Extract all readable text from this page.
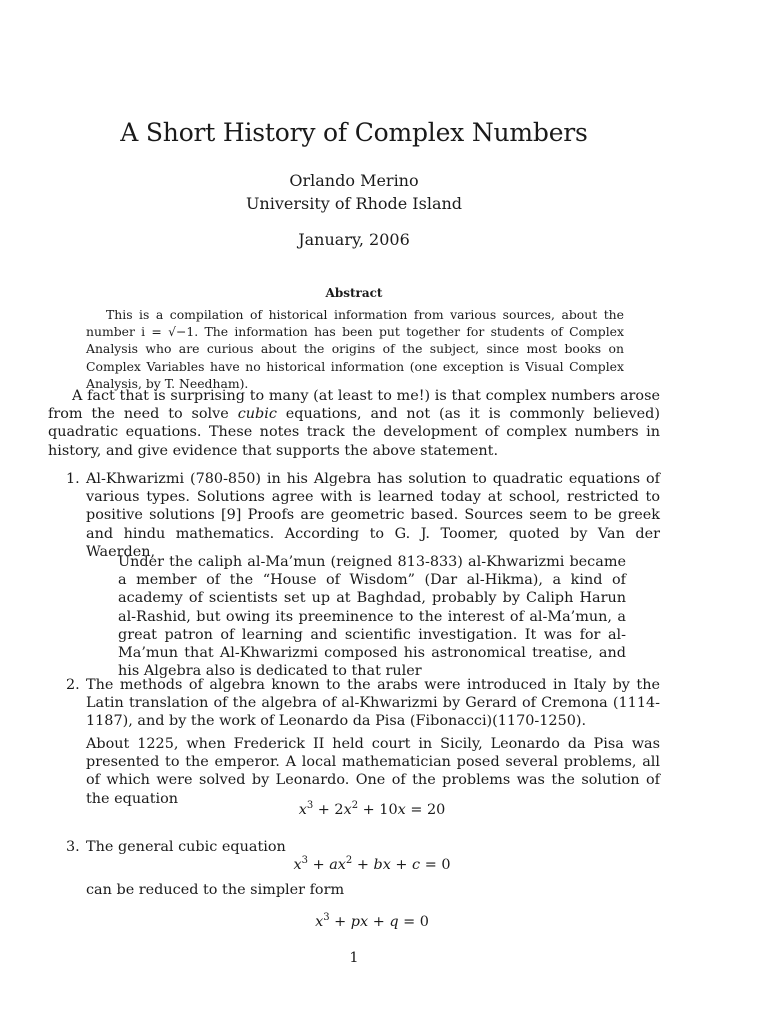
A Short History of Complex Numbers
Orlando Merino
University of Rhode Island
January, 2006
Abstract
This is a compilation of historical information from various sources, about the number i = √−1. The information has been put together for students of Complex Analysis who are curious about the origins of the subject, since most books on Complex Variables have no historical information (one exception is Visual Complex Analysis, by T. Needham).
A fact that is surprising to many (at least to me!) is that complex numbers arose from the need to solve cubic equations, and not (as it is commonly believed) quadratic equations. These notes track the development of complex numbers in history, and give evidence that supports the above statement.
1. Al-Khwarizmi (780-850) in his Algebra has solution to quadratic equations of various types. Solutions agree with is learned today at school, restricted to positive solutions [9] Proofs are geometric based. Sources seem to be greek and hindu mathematics. According to G. J. Toomer, quoted by Van der Waerden,
Under the caliph al-Ma’mun (reigned 813-833) al-Khwarizmi became a member of the “House of Wisdom” (Dar al-Hikma), a kind of academy of scientists set up at Baghdad, probably by Caliph Harun al-Rashid, but owing its preeminence to the interest of al-Ma’mun, a great patron of learning and scientific investigation. It was for al-Ma’mun that Al-Khwarizmi composed his astronomical treatise, and his Algebra also is dedicated to that ruler
2. The methods of algebra known to the arabs were introduced in Italy by the Latin translation of the algebra of al-Khwarizmi by Gerard of Cremona (1114-1187), and by the work of Leonardo da Pisa (Fibonacci)(1170-1250).
About 1225, when Frederick II held court in Sicily, Leonardo da Pisa was presented to the emperor. A local mathematician posed several problems, all of which were solved by Leonardo. One of the problems was the solution of the equation
$x^3 + 2x^2 + 10x = 20$
3. The general cubic equation
$x^3 + ax^2$ + bx + c = 0
can be reduced to the simpler form
$x^3$ + px + q = 0
1
